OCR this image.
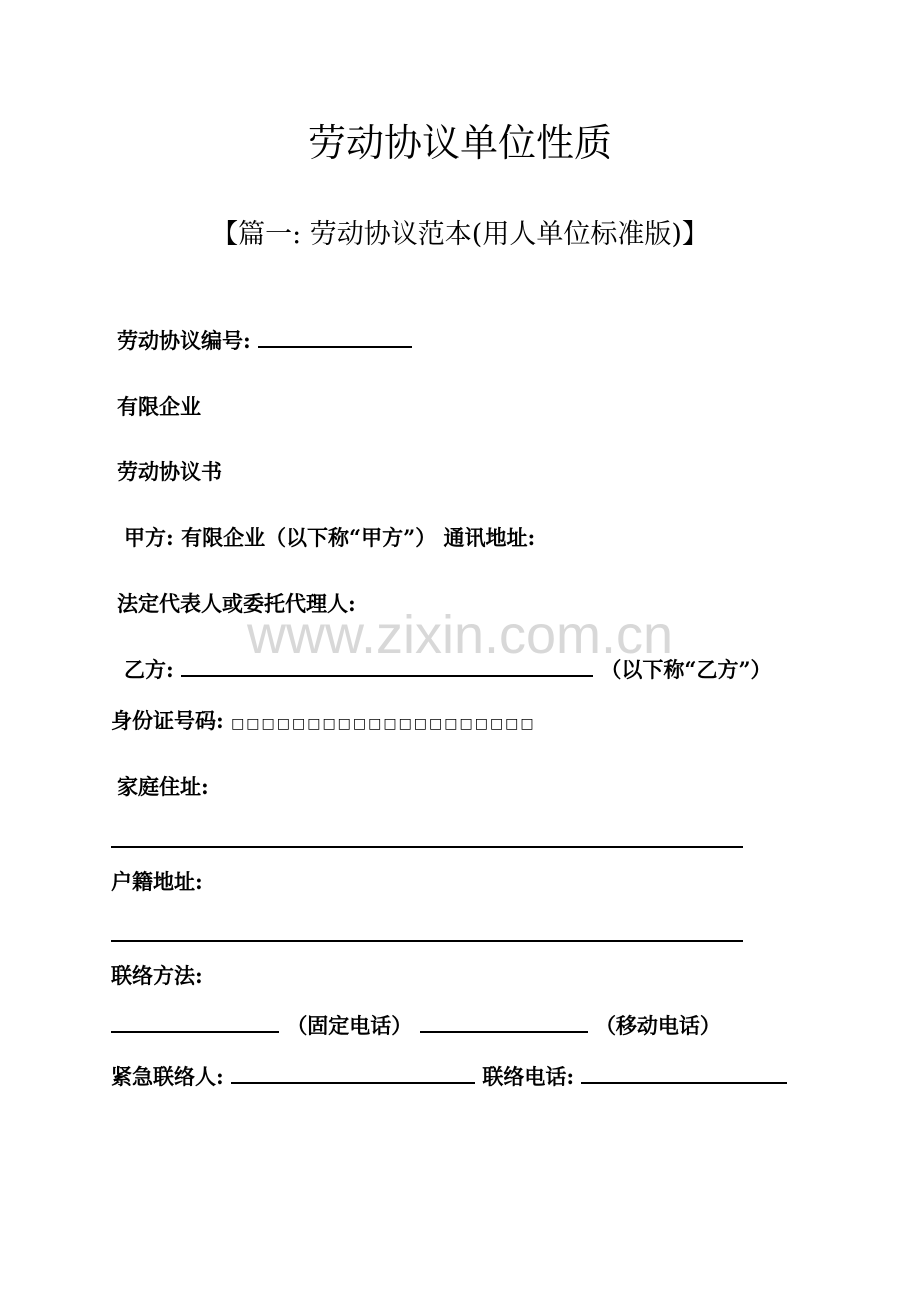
www.zixin.com.cn
劳动协议单位性质
【篇一: 劳动协议范本(用人单位标准版)】
劳动协议编号:
有限企业
劳动协议书
甲方: 有限企业（以下称“甲方”） 通讯地址:
法定代表人或委托代理人:
乙方:	（以下称“乙方”）
身份证号码: □□□□□□□□□□□□□□□□□□□□
家庭住址:
户籍地址:
联络方法:
（固定电话）	（移动电话）
紧急联络人:	联络电话:
